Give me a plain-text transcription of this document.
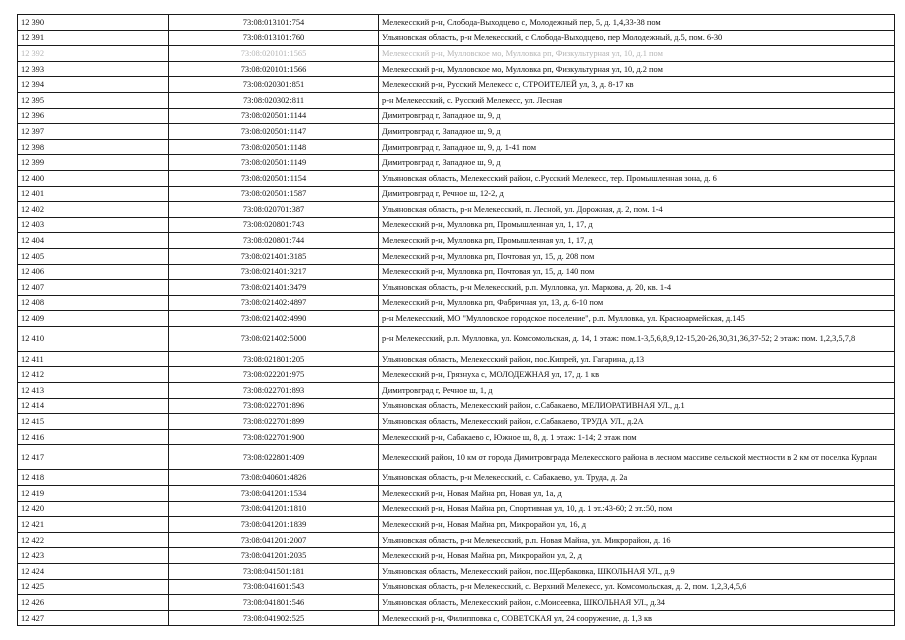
12 390	73:08:013101:754	Мелекесский р-н, Слобода-Выходцево с, Молодежный пер, 5, д. 1,4,33-38 пом
12 391	73:08:013101:760	Ульяновская область, р-н Мелекесский, с Слобода-Выходцево, пер Молодежный, д.5, пом. 6-30
12 392	73:08:020101:1565	Мелекесский р-н, Мулловское мо, Мулловка рп, Физкультурная ул, 10, д.1 пом
12 393	73:08:020101:1566	Мелекесский р-н, Мулловское мо, Мулловка рп, Физкультурная ул, 10, д.2 пом
12 394	73:08:020301:851	Мелекесский р-н, Русский Мелекесс с, СТРОИТЕЛЕЙ ул, 3, д. 8-17 кв
12 395	73:08:020302:811	р-н Мелекесский, с. Русский Мелекесс, ул. Лесная
12 396	73:08:020501:1144	Димитровград г, Западное ш, 9, д
12 397	73:08:020501:1147	Димитровград г, Западное ш, 9, д
12 398	73:08:020501:1148	Димитровград г, Западное ш, 9, д. 1-41 пом
12 399	73:08:020501:1149	Димитровград г, Западное ш, 9, д
12 400	73:08:020501:1154	Ульяновская область, Мелекесский район, с.Русский Мелекесс, тер. Промышленная зона, д. 6
12 401	73:08:020501:1587	Димитровград г, Речное ш, 12-2, д
12 402	73:08:020701:387	Ульяновская область, р-н Мелекесский, п. Лесной, ул. Дорожная, д. 2, пом. 1-4
12 403	73:08:020801:743	Мелекесский р-н, Мулловка рп, Промышленная ул, 1, 17, д
12 404	73:08:020801:744	Мелекесский р-н, Мулловка рп, Промышленная ул, 1, 17, д
12 405	73:08:021401:3185	Мелекесский р-н, Мулловка рп, Почтовая ул, 15, д. 208 пом
12 406	73:08:021401:3217	Мелекесский р-н, Мулловка рп, Почтовая ул, 15, д. 140 пом
12 407	73:08:021401:3479	Ульяновская область, р-н Мелекесский, р.п. Мулловка, ул. Маркова, д. 20, кв. 1-4
12 408	73:08:021402:4897	Мелекесский р-н, Мулловка рп, Фабричная ул, 13, д. 6-10 пом
12 409	73:08:021402:4990	р-н Мелекесский, МО "Мулловское городское поселение", р.п. Мулловка, ул. Красноармейская, д.145
12 410	73:08:021402:5000	р-н Мелекесский, р.п. Мулловка, ул. Комсомольская, д. 14, 1 этаж: пом.1-3,5,6,8,9,12-15,20-26,30,31,36,37-52; 2 этаж: пом. 1,2,3,5,7,8
12 411	73:08:021801:205	Ульяновская область, Мелекесский район, пос.Кипрей, ул. Гагарина, д.13
12 412	73:08:022201:975	Мелекесский р-н, Грязнуха с, МОЛОДЕЖНАЯ ул, 17, д. 1 кв
12 413	73:08:022701:893	Димитровград г, Речное ш, 1, д
12 414	73:08:022701:896	Ульяновская область, Мелекесский район, с.Сабакаево, МЕЛИОРАТИВНАЯ УЛ., д.1
12 415	73:08:022701:899	Ульяновская область, Мелекесский район, с.Сабакаево, ТРУДА УЛ., д.2А
12 416	73:08:022701:900	Мелекесский р-н, Сабакаево с, Южное ш, 8, д. 1 этаж: 1-14; 2 этаж пом
12 417	73:08:022801:409	Мелекесский район, 10 км от города Димитровграда Мелекесского района в лесном массиве сельской местности в 2 км от поселка Курлан
12 418	73:08:040601:4826	Ульяновская область, р-н Мелекесский, с. Сабакаево, ул. Труда, д. 2а
12 419	73:08:041201:1534	Мелекесский р-н, Новая Майна рп, Новая ул, 1а, д
12 420	73:08:041201:1810	Мелекесский р-н, Новая Майна рп, Спортивная ул, 10, д. 1 эт.:43-60; 2 эт.:50, пом
12 421	73:08:041201:1839	Мелекесский р-н, Новая Майна рп, Микрорайон ул, 16, д
12 422	73:08:041201:2007	Ульяновская область, р-н Мелекесский, р.п. Новая Майна, ул. Микрорайон, д. 16
12 423	73:08:041201:2035	Мелекесский р-н, Новая Майна рп, Микрорайон ул, 2, д
12 424	73:08:041501:181	Ульяновская область, Мелекесский район, пос.Щербаковка, ШКОЛЬНАЯ УЛ., д.9
12 425	73:08:041601:543	Ульяновская область, р-н Мелекесский, с. Верхний Мелекесс, ул. Комсомольская, д. 2, пом. 1,2,3,4,5,6
12 426	73:08:041801:546	Ульяновская область, Мелекесский район, с.Моисеевка, ШКОЛЬНАЯ УЛ., д.34
12 427	73:08:041902:525	Мелекесский р-н, Филипповка с, СОВЕТСКАЯ ул, 24 сооружение, д. 1,3 кв
